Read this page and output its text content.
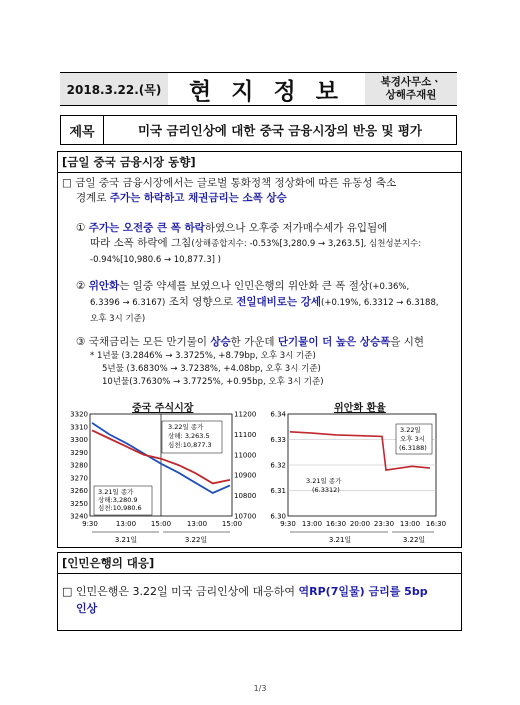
2018.3.22.(목)	현 지 정 보	북경사무소ㆍ
상해주재원
제목	미국 금리인상에 대한 중국 금융시장의 반응 및 평가
[금일 중국 금융시장 동향]
□ 금일 중국 금융시장에서는 글로벌 통화정책 정상화에 따른 유동성 축소
경계로 주가는 하락하고 채권금리는 소폭 상승
① 주가는 오전중 큰 폭 하락하였으나 오후중 저가매수세가 유입됨에
따라 소폭 하락에 그침(상해종합지수: -0.53%[3,280.9 → 3,263.5], 심천성분지수:
-0.94%[10,980.6 → 10,877.3] )
② 위안화는 일중 약세를 보였으나 인민은행의 위안화 큰 폭 절상(+0.36%,
6.3396 → 6.3167) 조치 영향으로 전일대비로는 강세(+0.19%, 6.3312 → 6.3188,
오후 3시 기준)
③ 국채금리는 모든 만기물이 상승한 가운데 단기물이 더 높은 상승폭을 시현
* 1년물 (3.2846% → 3.3725%, +8.79bp, 오후 3시 기준)
5년물 (3.6830% → 3.7238%, +4.08bp, 오후 3시 기준)
10년물(3.7630% → 3.7725%, +0.95bp, 오후 3시 기준)
중국 주식시장	위안화 환율
3320
3310
3300
3290
3280
3270
3260
3250
3240
11200
11100
11000
10900
10800
10700
9:30	13:00 15:00 13:00 15:00
3.22일 종가
상해: 3,263.5
심천:10,877.3
3.21일 종가
상해:3,280.9
심천:10,980.6
3.21일	3.22일
6.34
6.33
6.32
6.31
6.30
9:30 13:00 16:30 20:00 23:30 13:00 16:30
3.21일 종가
(6.3312)
3.22일
오후 3시
(6.3188)
3.21일	3.22일
[인민은행의 대응]
□ 인민은행은 3.22일 미국 금리인상에 대응하여 역RP(7일물) 금리를 5bp
인상
1/3
